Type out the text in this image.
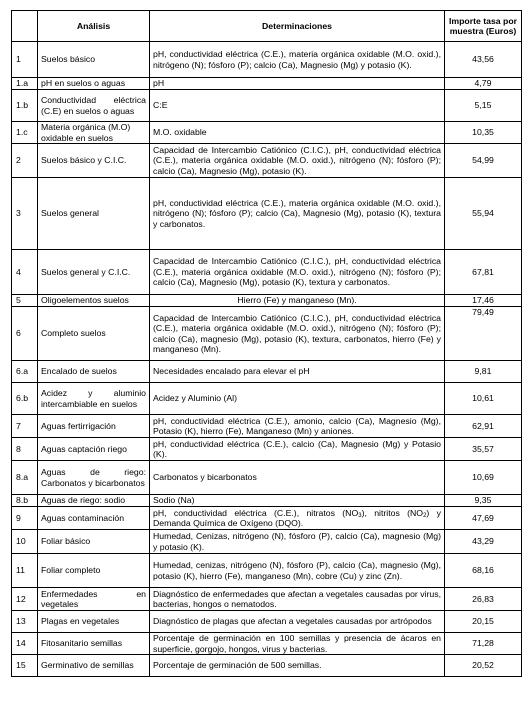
	Análisis	Determinaciones	Importe tasa por muestra (Euros)
1	Suelos básico	pH, conductividad eléctrica (C.E.), materia orgánica oxidable (M.O. oxid.), nitrógeno (N); fósforo (P); calcio (Ca), Magnesio (Mg) y potasio (K).	43,56
1.a	pH en suelos o aguas	pH	4,79
1.b	Conductividad eléctrica (C.E) en suelos o aguas	C:E	5,15
1.c	Materia orgánica (M.O) oxidable en suelos	M.O. oxidable	10,35
2	Suelos básico y C.I.C.	Capacidad de Intercambio Catiónico (C.I.C.), pH, conductividad eléctrica (C.E.), materia orgánica oxidable (M.O. oxid.), nitrógeno (N); fósforo (P); calcio (Ca), Magnesio (Mg), potasio (K).	54,99
3	Suelos general	pH, conductividad eléctrica (C.E.), materia orgánica oxidable (M.O. oxid.), nitrógeno (N); fósforo (P); calcio (Ca), Magnesio (Mg), potasio (K), textura y carbonatos.	55,94
4	Suelos general y C.I.C.	Capacidad de Intercambio Catiónico (C.I.C.), pH, conductividad eléctrica (C.E.), materia orgánica oxidable (M.O. oxid.), nitrógeno (N); fósforo (P); calcio (Ca), Magnesio (Mg), potasio (K), textura y carbonatos.	67,81
5	Oligoelementos suelos	Hierro (Fe) y manganeso (Mn).	17,46
6	Completo suelos	Capacidad de Intercambio Catiónico (C.I.C.), pH, conductividad eléctrica (C.E.), materia orgánica oxidable (M.O. oxid.), nitrógeno (N); fósforo (P); calcio (Ca), magnesio (Mg), potasio (K), textura, carbonatos, hierro (Fe) y manganeso (Mn).	79,49
6.a	Encalado de suelos	Necesidades encalado para elevar el pH	9,81
6.b	Acidez y aluminio intercambiable en suelos	Acidez y Aluminio (Al)	10,61
7	Aguas fertirrigación	pH, conductividad eléctrica (C.E.), amonio, calcio (Ca), Magnesio (Mg), Potasio (K), hierro (Fe), Manganeso (Mn) y aniones.	62,91
8	Aguas captación riego	pH, conductividad eléctrica (C.E.), calcio (Ca), Magnesio (Mg) y Potasio (K).	35,57
8.a	Aguas de riego: Carbonatos y bicarbonatos	Carbonatos y bicarbonatos	10,69
8.b	Aguas de riego: sodio	Sodio (Na)	9,35
9	Aguas contaminación	pH, conductividad eléctrica (C.E.), nitratos $(NO_3)$, nitritos $(NO_2)$ y Demanda Química de Oxígeno (DQO).	47,69
10	Foliar básico	Humedad, Cenizas, nitrógeno (N), fósforo (P), calcio (Ca), magnesio (Mg) y potasio (K).	43,29
11	Foliar completo	Humedad, cenizas, nitrógeno (N), fósforo (P), calcio (Ca), magnesio (Mg), potasio (K), hierro (Fe), manganeso (Mn), cobre (Cu) y zinc (Zn).	68,16
12	Enfermedades en vegetales	Diagnóstico de enfermedades que afectan a vegetales causadas por virus, bacterias, hongos o nematodos.	26,83
13	Plagas en vegetales	Diagnóstico de plagas que afectan a vegetales causadas por artrópodos	20,15
14	Fitosanitario semillas	Porcentaje de germinación en 100 semillas y presencia de ácaros en superficie, gorgojo, hongos, virus y bacterias.	71,28
15	Germinativo de semillas	Porcentaje de germinación de 500 semillas.	20,52
